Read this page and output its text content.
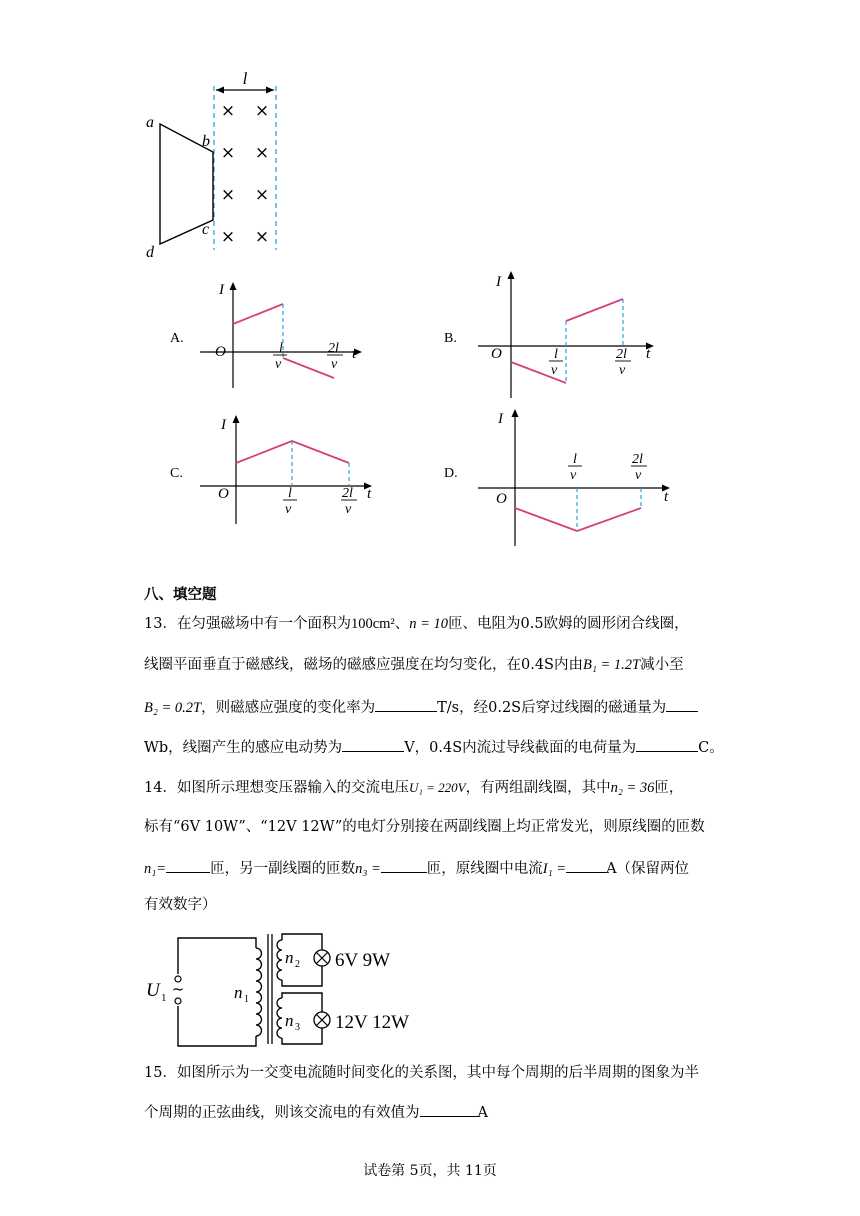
l
a
b
c
d
× ×
× ×
× ×
× ×
A.
I
t
O	l
v
2l
v
B.
I
t
O	l
v
2l
v
C.
I
t
O	l
v
2l
v
D.
I
t
O
l
v
2l
v
八、填空题
13．在匀强磁场中有一个面积为100cm²、n = 10匝、电阻为0.5欧姆的圆形闭合线圈，
线圈平面垂直于磁感线，磁场的磁感应强度在均匀变化，在0.4S内由B₁ = 1.2T减小至
B₂ = 0.2T，则磁感应强度的变化率为	T/s，经0.2S后穿过线圈的磁通量为
Wb，线圈产生的感应电动势为	V，0.4S内流过导线截面的电荷量为	C。
14．如图所示理想变压器输入的交流电压U₁ = 220V，有两组副线圈，其中n₂ = 36匝，
标有“6V 10W”、“12V 12W”的电灯分别接在两副线圈上均正常发光，则原线圈的匝数
n₁=	匝，另一副线圈的匝数n₃ =	匝，原线圈中电流I₁ =	A（保留两位
有效数字）
~
U 1	n 1
n 2 6V 9W
n 3 12V 12W
15．如图所示为一交变电流随时间变化的关系图，其中每个周期的后半周期的图象为半
个周期的正弦曲线，则该交流电的有效值为	A
试卷第 5页，共 11页
